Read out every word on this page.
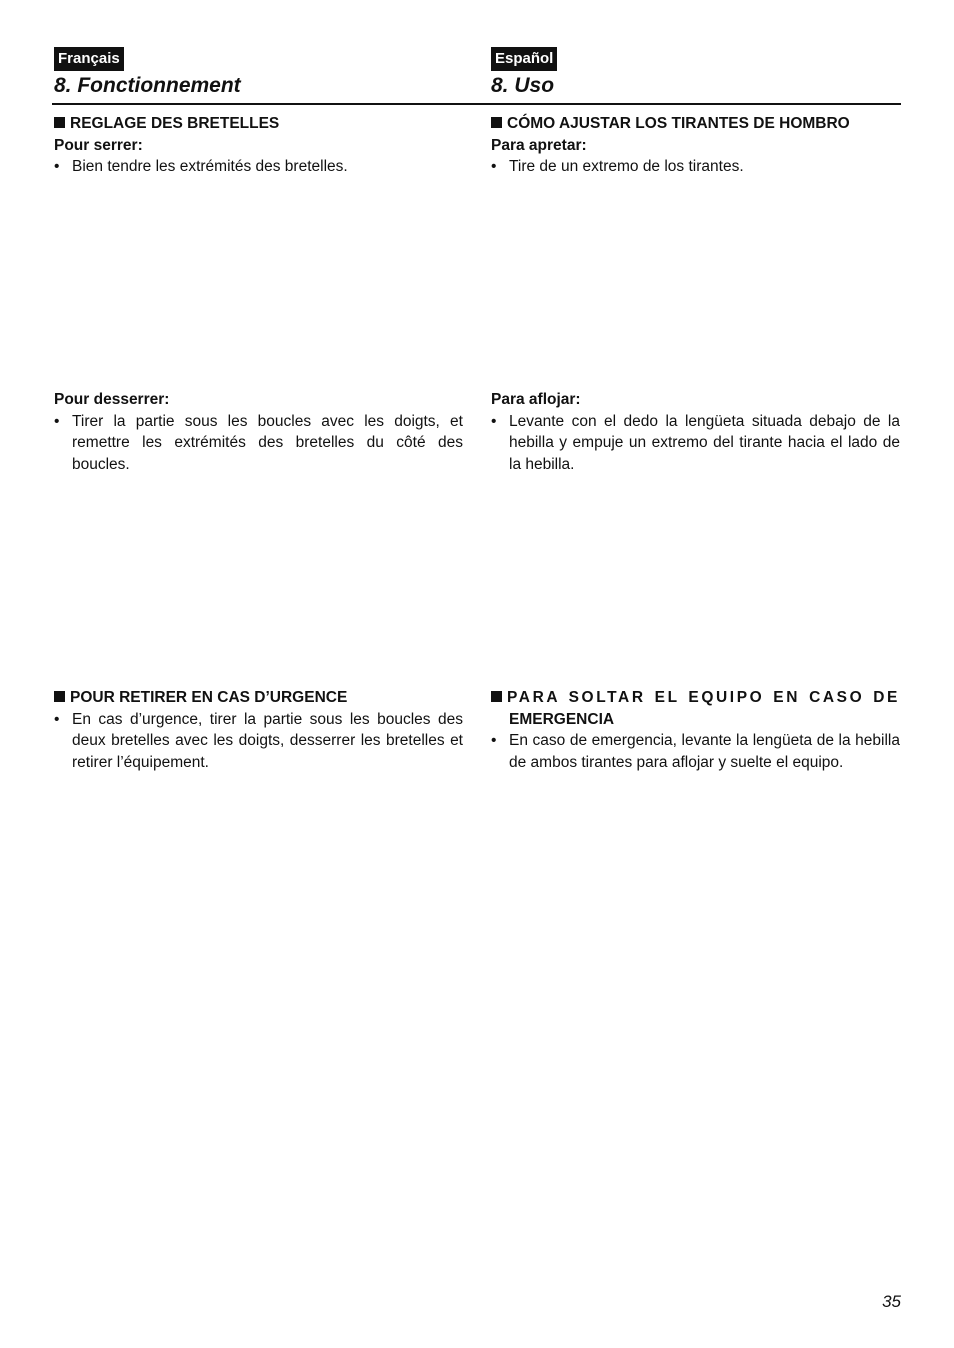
Français
8. Fonctionnement
REGLAGE DES BRETELLES
Pour serrer:
• Bien tendre les extrémités des bretelles.
Pour desserrer:
• Tirer la partie sous les boucles avec les doigts, et remettre les extrémités des bretelles du côté des boucles.
POUR RETIRER EN CAS D’URGENCE
• En cas d’urgence, tirer la partie sous les boucles des deux bretelles avec les doigts, desserrer les bretelles et retirer l’équipement.
Español
8. Uso
CÓMO AJUSTAR LOS TIRANTES DE HOMBRO
Para apretar:
• Tire de un extremo de los tirantes.
Para aflojar:
• Levante con el dedo la lengüeta situada debajo de la hebilla y empuje un extremo del tirante hacia el lado de la hebilla.
PARA SOLTAR EL EQUIPO EN CASO DE
EMERGENCIA
• En caso de emergencia, levante la lengüeta de la hebilla de ambos tirantes para aflojar y suelte el equipo.
35
